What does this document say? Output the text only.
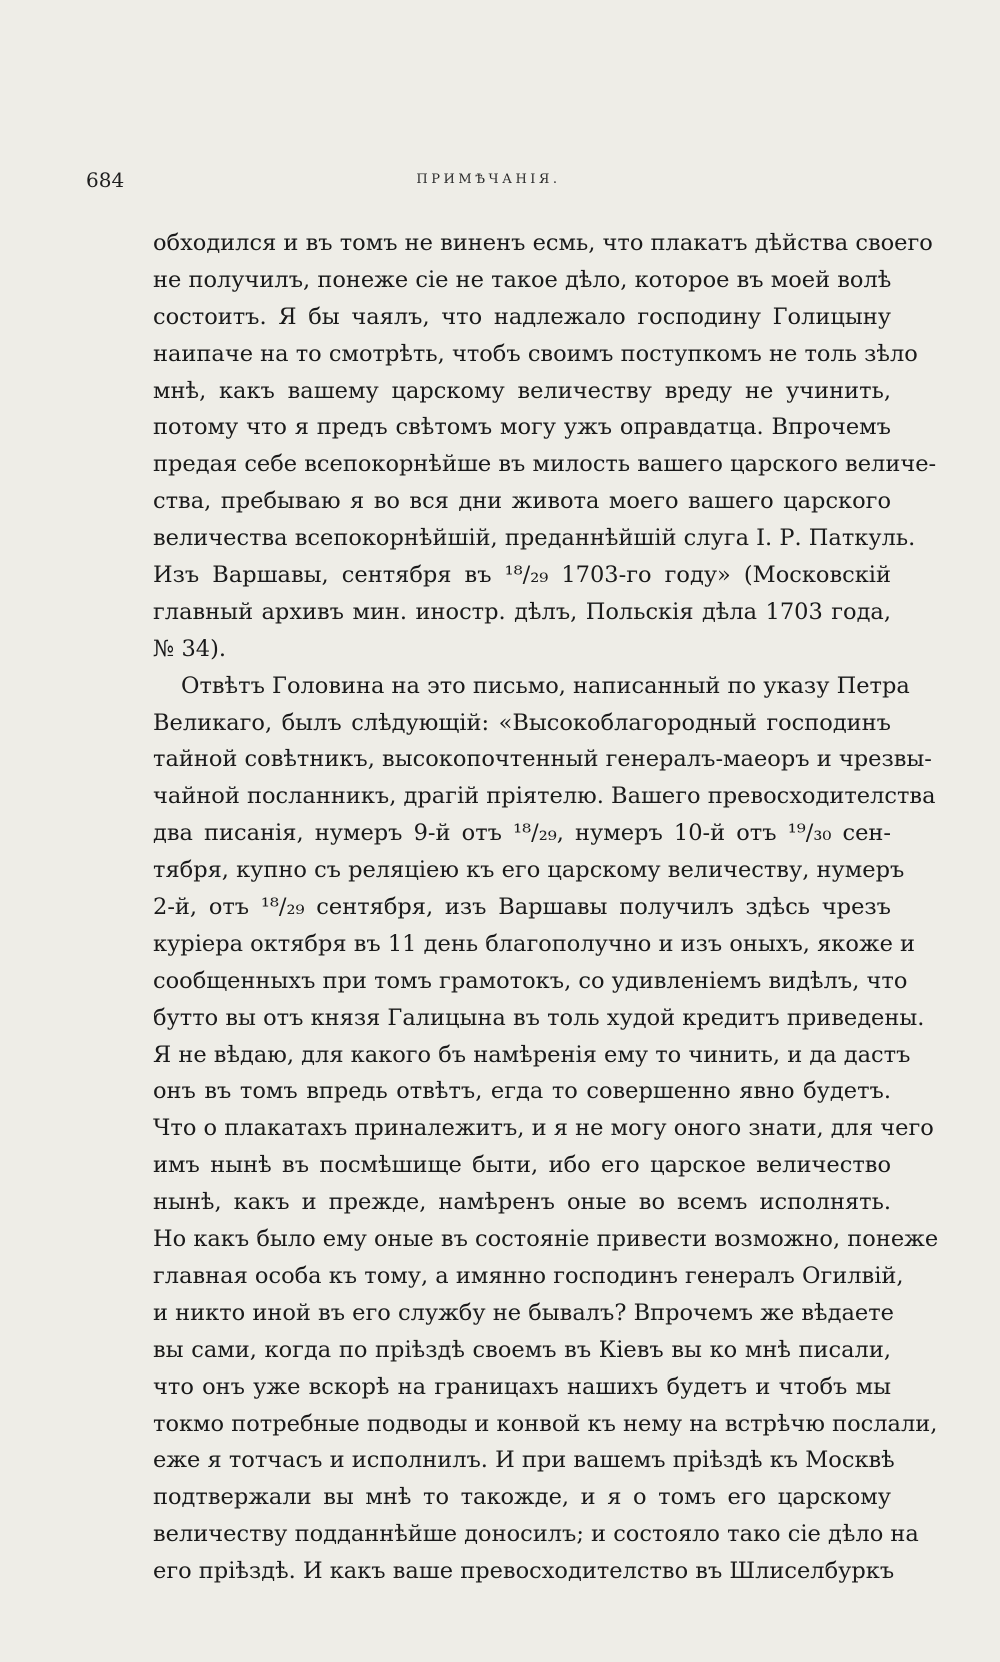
684	ПРИМѢЧАНІЯ.
обходился и въ томъ не виненъ есмь, что плакатъ дѣйства своего
не получилъ, понеже сіе не такое дѣло, которое въ моей волѣ
состоитъ. Я бы чаялъ, что надлежало господину Голицыну
наипаче на то смотрѣть, чтобъ своимъ поступкомъ не толь зѣло
мнѣ, какъ вашему царскому величеству вреду не учинить,
потому что я предъ свѣтомъ могу ужъ оправдатца. Впрочемъ
предая себе всепокорнѣйше въ милость вашего царского величе-
ства, пребываю я во вся дни живота моего вашего царского
величества всепокорнѣйшій, преданнѣйшій слуга І. Р. Паткуль.
Изъ Варшавы, сентября въ ¹⁸/₂₉ 1703-го году» (Московскій
главный архивъ мин. иностр. дѣлъ, Польскія дѣла 1703 года,
№ 34).
Отвѣтъ Головина на это письмо, написанный по указу Петра
Великаго, былъ слѣдующій: «Высокоблагородный господинъ
тайной совѣтникъ, высокопочтенный генералъ-маеоръ и чрезвы-
чайной посланникъ, драгій пріятелю. Вашего превосходителства
два писанія, нумеръ 9-й отъ ¹⁸/₂₉, нумеръ 10-й отъ ¹⁹/₃₀ сен-
тября, купно съ реляціею къ его царскому величеству, нумеръ
2-й, отъ ¹⁸/₂₉ сентября, изъ Варшавы получилъ здѣсь чрезъ
куріера октября въ 11 день благополучно и изъ оныхъ, якоже и
сообщенныхъ при томъ грамотокъ, со удивленіемъ видѣлъ, что
бутто вы отъ князя Галицына въ толь худой кредитъ приведены.
Я не вѣдаю, для какого бъ намѣренія ему то чинить, и да дастъ
онъ въ томъ впредь отвѣтъ, егда то совершенно явно будетъ.
Что о плакатахъ приналежитъ, и я не могу оного знати, для чего
имъ нынѣ въ посмѣшище быти, ибо его царское величество
нынѣ, какъ и прежде, намѣренъ оные во всемъ исполнять.
Но какъ было ему оные въ состояніе привести возможно, понеже
главная особа къ тому, а имянно господинъ генералъ Огилвій,
и никто иной въ его службу не бывалъ? Впрочемъ же вѣдаете
вы сами, когда по пріѣздѣ своемъ въ Кіевъ вы ко мнѣ писали,
что онъ уже вскорѣ на границахъ нашихъ будетъ и чтобъ мы
токмо потребные подводы и конвой къ нему на встрѣчю послали,
еже я тотчасъ и исполнилъ. И при вашемъ пріѣздѣ къ Москвѣ
подтвержали вы мнѣ то такожде, и я о томъ его царскому
величеству подданнѣйше доносилъ; и состояло тако сіе дѣло на
его пріѣздѣ. И какъ ваше превосходителство въ Шлиселбуркъ
